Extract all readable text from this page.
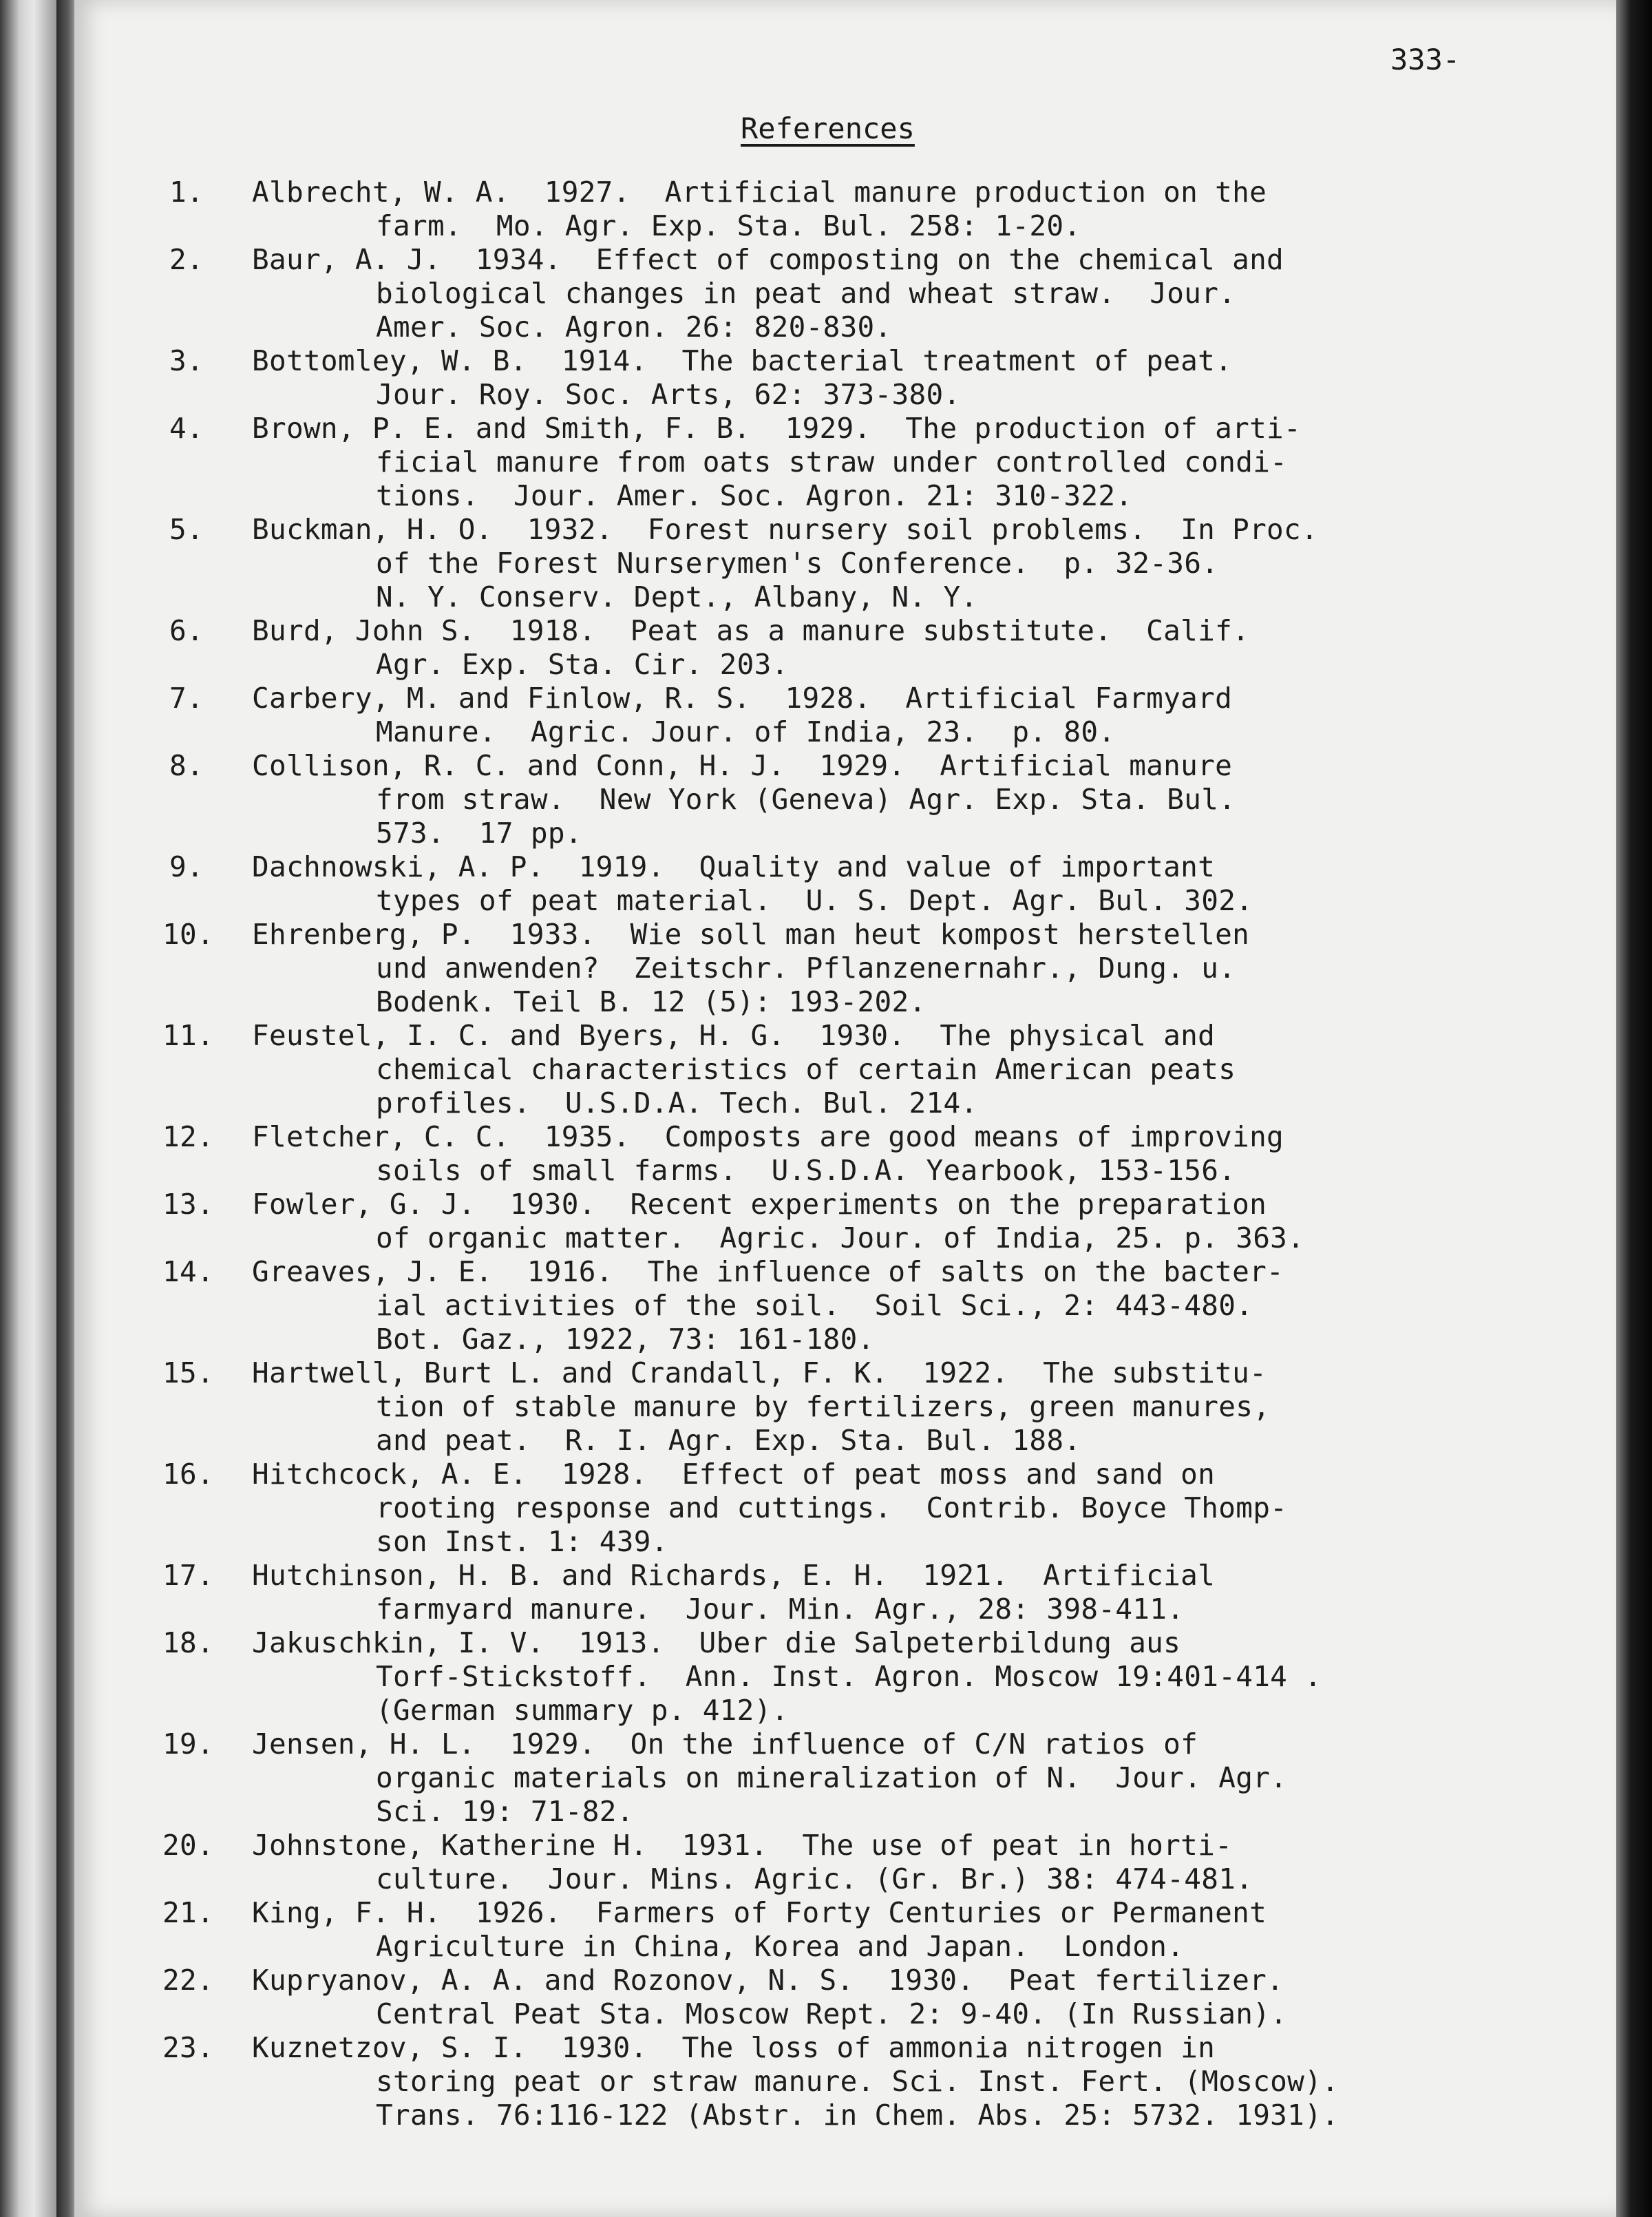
333-
References
1.	Albrecht, W. A.  1927.  Artificial manure production on the
farm.  Mo. Agr. Exp. Sta. Bul. 258: 1-20.
2.	Baur, A. J.  1934.  Effect of composting on the chemical and
biological changes in peat and wheat straw.  Jour.
Amer. Soc. Agron. 26: 820-830.
3.	Bottomley, W. B.  1914.  The bacterial treatment of peat.
Jour. Roy. Soc. Arts, 62: 373-380.
4.	Brown, P. E. and Smith, F. B.  1929.  The production of arti-
ficial manure from oats straw under controlled condi-
tions.  Jour. Amer. Soc. Agron. 21: 310-322.
5.	Buckman, H. O.  1932.  Forest nursery soil problems.  In Proc.
of the Forest Nurserymen's Conference.  p. 32-36.
N. Y. Conserv. Dept., Albany, N. Y.
6.	Burd, John S.  1918.  Peat as a manure substitute.  Calif.
Agr. Exp. Sta. Cir. 203.
7.	Carbery, M. and Finlow, R. S.  1928.  Artificial Farmyard
Manure.  Agric. Jour. of India, 23.  p. 80.
8.	Collison, R. C. and Conn, H. J.  1929.  Artificial manure
from straw.  New York (Geneva) Agr. Exp. Sta. Bul.
573.  17 pp.
9.	Dachnowski, A. P.  1919.  Quality and value of important
types of peat material.  U. S. Dept. Agr. Bul. 302.
10.	Ehrenberg, P.  1933.  Wie soll man heut kompost herstellen
und anwenden?  Zeitschr. Pflanzenernahr., Dung. u.
Bodenk. Teil B. 12 (5): 193-202.
11.	Feustel, I. C. and Byers, H. G.  1930.  The physical and
chemical characteristics of certain American peats
profiles.  U.S.D.A. Tech. Bul. 214.
12.	Fletcher, C. C.  1935.  Composts are good means of improving
soils of small farms.  U.S.D.A. Yearbook, 153-156.
13.	Fowler, G. J.  1930.  Recent experiments on the preparation
of organic matter.  Agric. Jour. of India, 25. p. 363.
14.	Greaves, J. E.  1916.  The influence of salts on the bacter-
ial activities of the soil.  Soil Sci., 2: 443-480.
Bot. Gaz., 1922, 73: 161-180.
15.	Hartwell, Burt L. and Crandall, F. K.  1922.  The substitu-
tion of stable manure by fertilizers, green manures,
and peat.  R. I. Agr. Exp. Sta. Bul. 188.
16.	Hitchcock, A. E.  1928.  Effect of peat moss and sand on
rooting response and cuttings.  Contrib. Boyce Thomp-
son Inst. 1: 439.
17.	Hutchinson, H. B. and Richards, E. H.  1921.  Artificial
farmyard manure.  Jour. Min. Agr., 28: 398-411.
18.	Jakuschkin, I. V.  1913.  Uber die Salpeterbildung aus
Torf-Stickstoff.  Ann. Inst. Agron. Moscow 19:401-414 .
(German summary p. 412).
19.	Jensen, H. L.  1929.  On the influence of C/N ratios of
organic materials on mineralization of N.  Jour. Agr.
Sci. 19: 71-82.
20.	Johnstone, Katherine H.  1931.  The use of peat in horti-
culture.  Jour. Mins. Agric. (Gr. Br.) 38: 474-481.
21.	King, F. H.  1926.  Farmers of Forty Centuries or Permanent
Agriculture in China, Korea and Japan.  London.
22.	Kupryanov, A. A. and Rozonov, N. S.  1930.  Peat fertilizer.
Central Peat Sta. Moscow Rept. 2: 9-40. (In Russian).
23.	Kuznetzov, S. I.  1930.  The loss of ammonia nitrogen in
storing peat or straw manure. Sci. Inst. Fert. (Moscow).
Trans. 76:116-122 (Abstr. in Chem. Abs. 25: 5732. 1931).
